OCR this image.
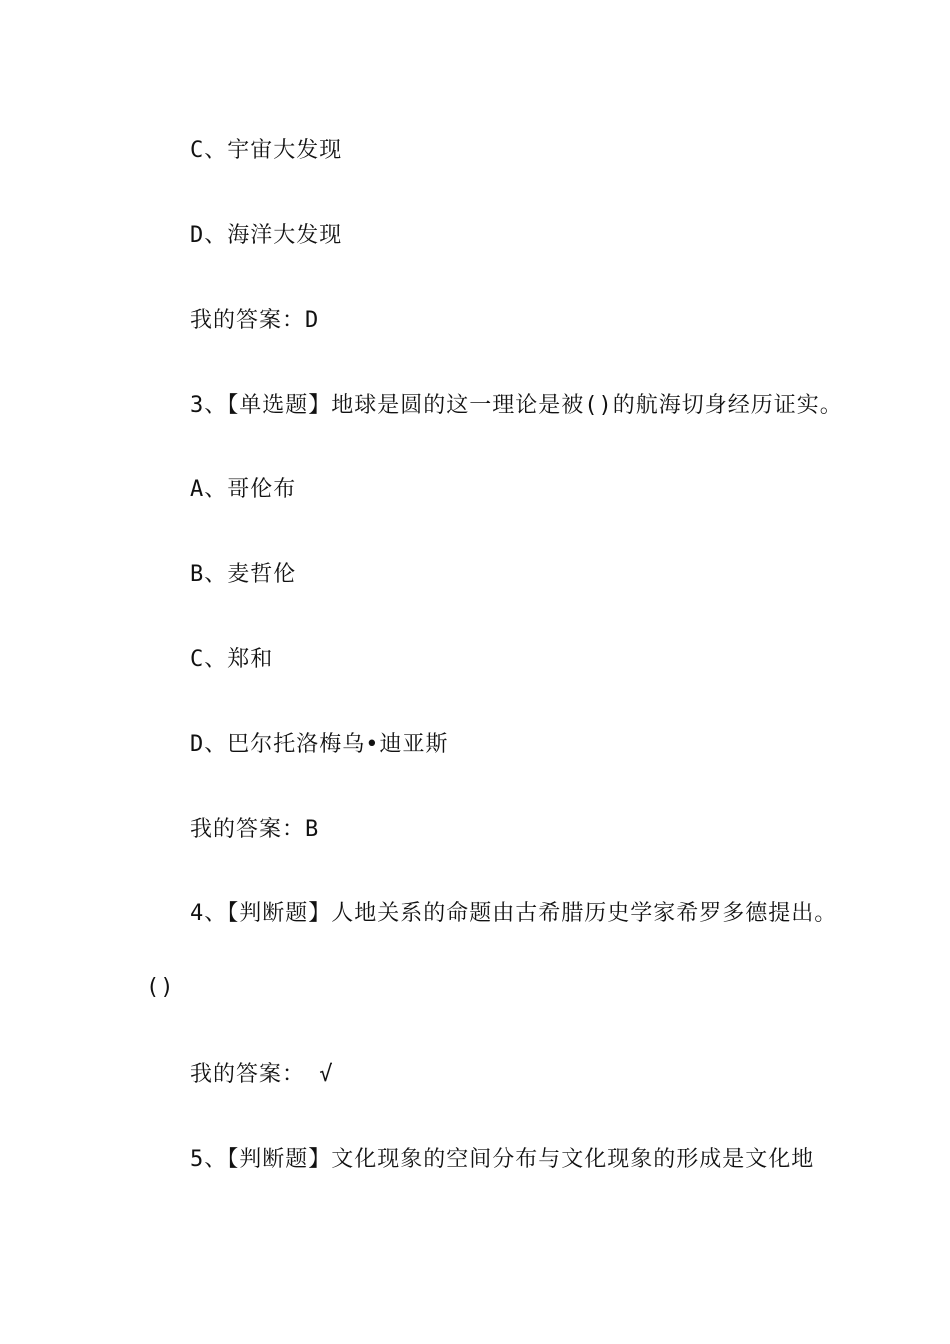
C、宇宙大发现
D、海洋大发现
我的答案：D
3、【单选题】地球是圆的这一理论是被()的航海切身经历证实。
A、哥伦布
B、麦哲伦
C、郑和
D、巴尔托洛梅乌•迪亚斯
我的答案：B
4、【判断题】人地关系的命题由古希腊历史学家希罗多德提出。
()
我的答案： √
5、【判断题】文化现象的空间分布与文化现象的形成是文化地
